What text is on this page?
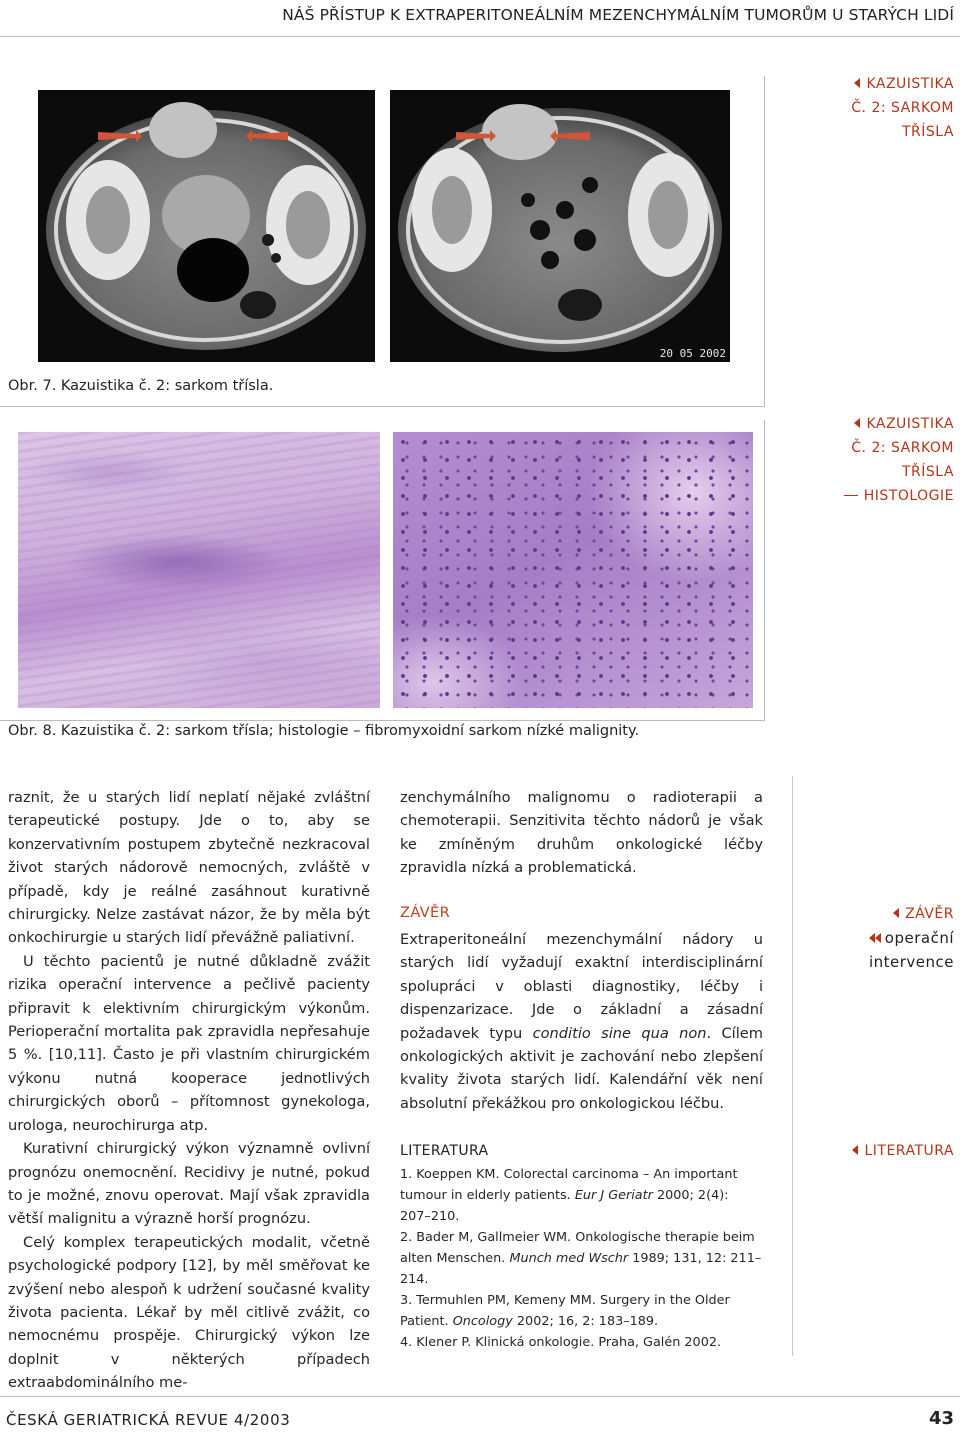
NÁŠ PŘÍSTUP K EXTRAPERITONEÁLNÍM MEZENCHYMÁLNÍM TUMORŮM U STARÝCH LIDÍ
20 05 2002
Obr. 7. Kazuistika č. 2: sarkom třísla.
KAZUISTIKA
Č. 2: SARKOM
TŘÍSLA
Obr. 8. Kazuistika č. 2: sarkom třísla; histologie – fibromyxoidní sarkom nízké malignity.
KAZUISTIKA
Č. 2: SARKOM
TŘÍSLA
HISTOLOGIE

raznit, že u starých lidí neplatí nějaké zvláštní terapeutické postupy. Jde o to, aby se konzervativním postupem zbytečně nezkracoval život starých nádorově nemocných, zvláště v případě, kdy je reálné zasáhnout kurativně chirurgicky. Nelze zastávat názor, že by měla být onkochirurgie u starých lidí převážně paliativní.

U těchto pacientů je nutné důkladně zvážit rizika operační intervence a pečlivě pacienty připravit k elektivním chirurgickým výkonům. Perioperační mortalita pak zpravidla nepřesahuje 5 %. [10,11]. Často je při vlastním chirurgickém výkonu nutná kooperace jednotlivých chirurgických oborů – přítomnost gynekologa, urologa, neurochirurga atp.

Kurativní chirurgický výkon významně ovlivní prognózu onemocnění. Recidivy je nutné, pokud to je možné, znovu operovat. Mají však zpravidla větší malignitu a výrazně horší prognózu.

Celý komplex terapeutických modalit, včetně psychologické podpory [12], by měl směřovat ke zvýšení nebo alespoň k udržení současné kvality života pacienta. Lékař by měl citlivě zvážit, co nemocnému prospěje. Chirurgický výkon lze doplnit v některých případech extraabdominálního me-

zenchymálního malignomu o radioterapii a chemoterapii. Senzitivita těchto nádorů je však ke zmíněným druhům onkologické léčby zpravidla nízká a problematická.

ZÁVĚR

Extraperitoneální mezenchymální nádory u starých lidí vyžadují exaktní interdisciplinární spolupráci v oblasti diagnostiky, léčby i dispenzarizace. Jde o základní a zásadní požadavek typu conditio sine qua non. Cílem onkologických aktivit je zachování nebo zlepšení kvality života starých lidí. Kalendářní věk není absolutní překážkou pro onkologickou léčbu.

LITERATURA
1. Koeppen KM. Colorectal carcinoma – An important tumour in elderly patients. Eur J Geriatr 2000; 2(4): 207–210.
2. Bader M, Gallmeier WM. Onkologische therapie beim alten Menschen. Munch med Wschr 1989; 131, 12: 211–214.
3. Termuhlen PM, Kemeny MM. Surgery in the Older Patient. Oncology 2002; 16, 2: 183–189.
4. Klener P. Klinická onkologie. Praha, Galén 2002.
ZÁVĚR
operační
intervence
LITERATURA
ČESKÁ GERIATRICKÁ REVUE 4/2003	43
